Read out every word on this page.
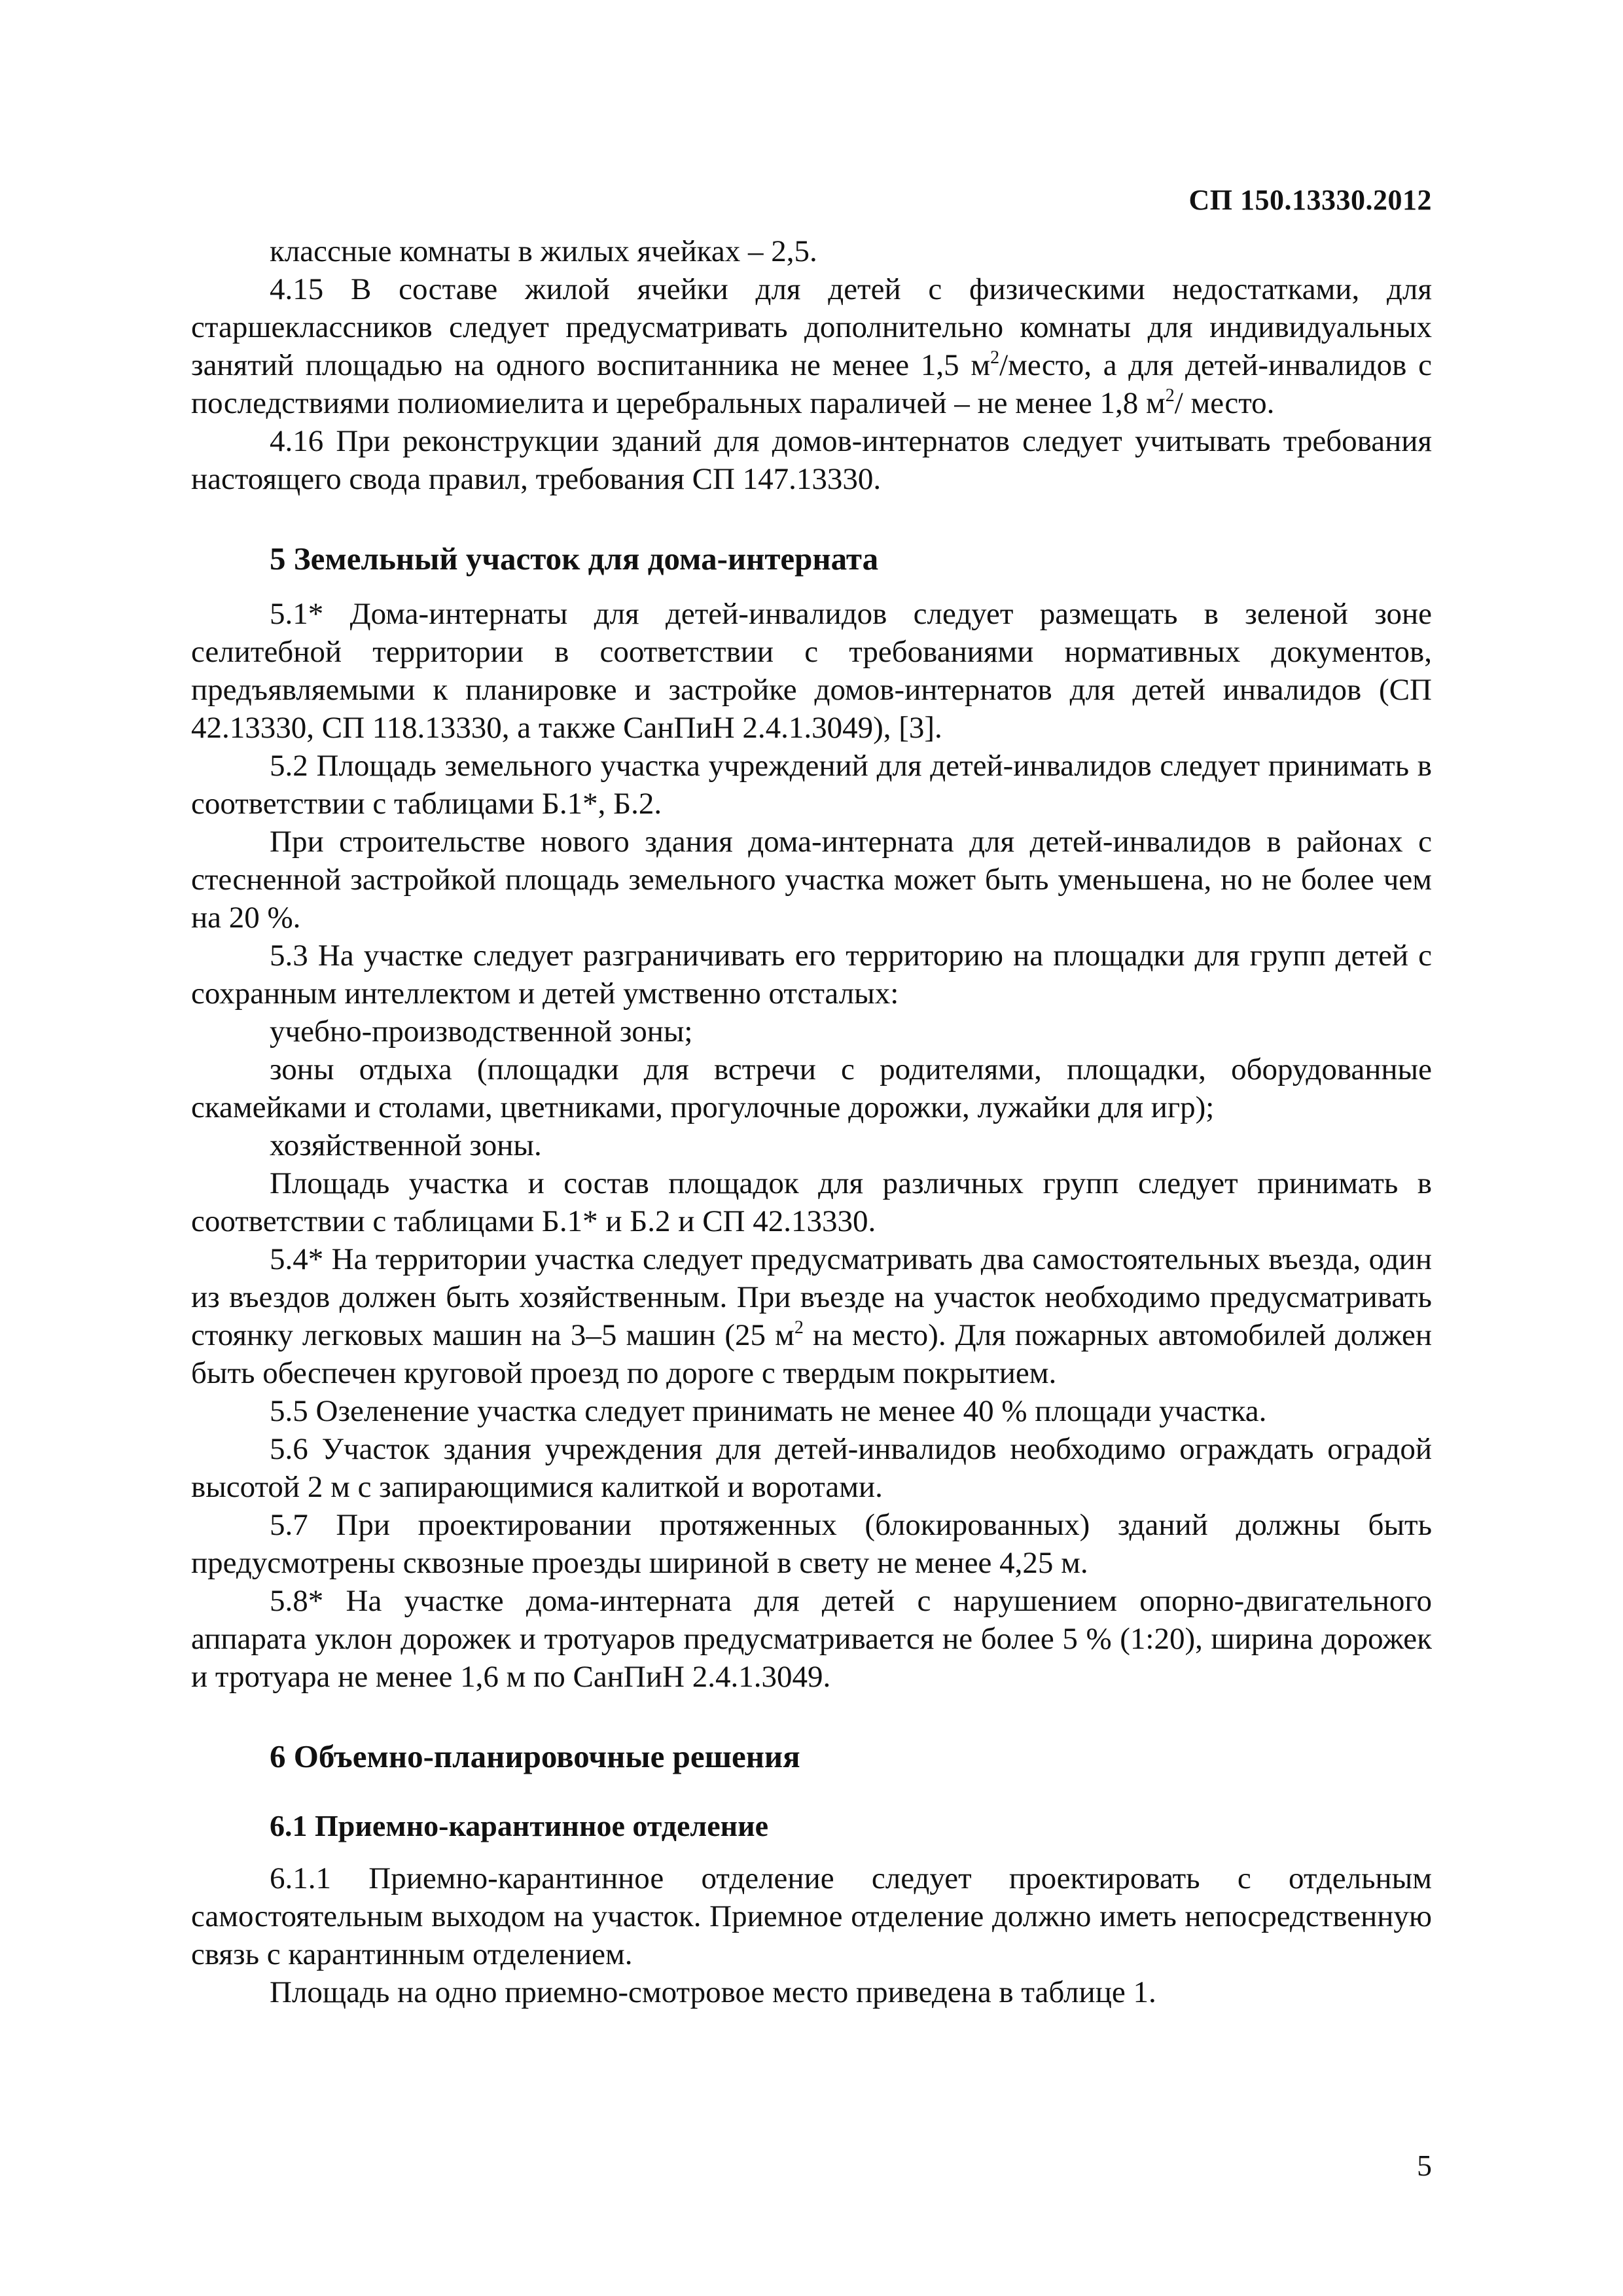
СП 150.13330.2012

классные комнаты в жилых ячейках – 2,5.

4.15 В составе жилой ячейки для детей с физическими недостатками, для старшеклассников следует предусматривать дополнительно комнаты для индивидуальных занятий площадью на одного воспитанника не менее 1,5 $м^2$/место, а для детей-инвалидов с последствиями полиомиелита и церебральных параличей – не менее 1,8 $м^2/$ место.

4.16 При реконструкции зданий для домов-интернатов следует учитывать требования настоящего свода правил, требования СП 147.13330.

5 Земельный участок для дома-интерната

5.1* Дома-интернаты для детей-инвалидов следует размещать в зеленой зоне селитебной территории в соответствии с требованиями нормативных документов, предъявляемыми к планировке и застройке домов-интернатов для детей инвалидов (СП 42.13330, СП 118.13330, а также СанПиН 2.4.1.3049), [3].

5.2 Площадь земельного участка учреждений для детей-инвалидов следует принимать в соответствии с таблицами Б.1*, Б.2.

При строительстве нового здания дома-интерната для детей-инвалидов в районах с стесненной застройкой площадь земельного участка может быть уменьшена, но не более чем на 20 %.

5.3 На участке следует разграничивать его территорию на площадки для групп детей с сохранным интеллектом и детей умственно отсталых:

учебно-производственной зоны;

зоны отдыха (площадки для встречи с родителями, площадки, оборудованные скамейками и столами, цветниками, прогулочные дорожки, лужайки для игр);

хозяйственной зоны.

Площадь участка и состав площадок для различных групп следует принимать в соответствии с таблицами Б.1* и Б.2 и СП 42.13330.

5.4* На территории участка следует предусматривать два самостоятельных въезда, один из въездов должен быть хозяйственным. При въезде на участок необходимо предусматривать стоянку легковых машин на 3–5 машин (25 $м^2$ на место). Для пожарных автомобилей должен быть обеспечен круговой проезд по дороге с твердым покрытием.

5.5 Озеленение участка следует принимать не менее 40 % площади участка.

5.6 Участок здания учреждения для детей-инвалидов необходимо ограждать оградой высотой 2 м с запирающимися калиткой и воротами.

5.7 При проектировании протяженных (блокированных) зданий должны быть предусмотрены сквозные проезды шириной в свету не менее 4,25 м.

5.8* На участке дома-интерната для детей с нарушением опорно-двигательного аппарата уклон дорожек и тротуаров предусматривается не более 5 % (1:20), ширина дорожек и тротуара не менее 1,6 м по СанПиН 2.4.1.3049.

6 Объемно-планировочные решения
6.1 Приемно-карантинное отделение

6.1.1 Приемно-карантинное отделение следует проектировать с отдельным самостоятельным выходом на участок. Приемное отделение должно иметь непосредственную связь с карантинным отделением.

Площадь на одно приемно-смотровое место приведена в таблице 1.

5
